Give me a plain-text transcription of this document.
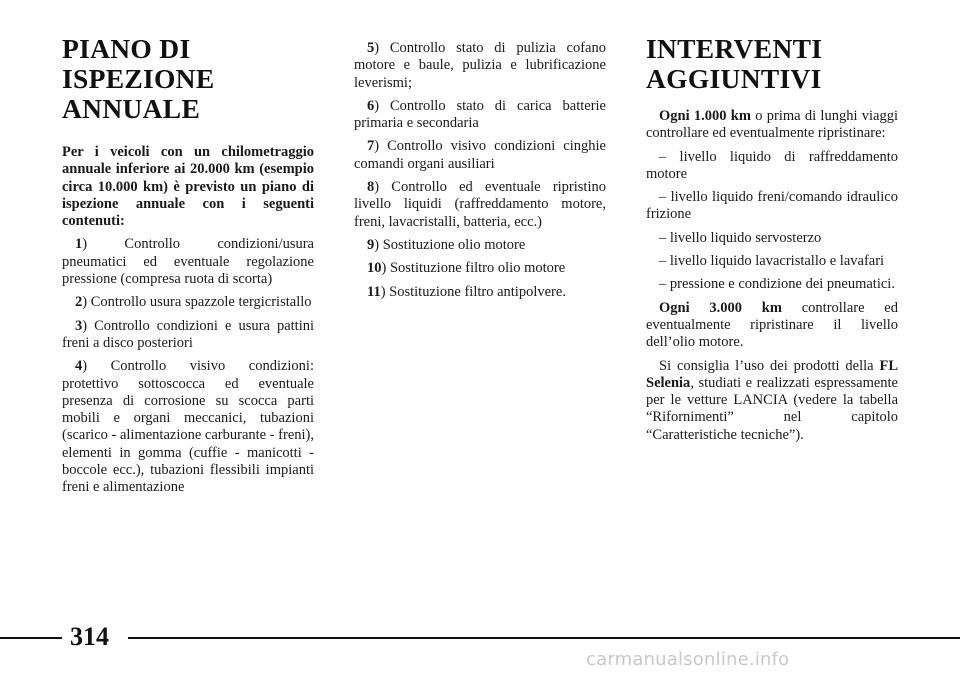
PIANO DI
ISPEZIONE
ANNUALE

Per i veicoli con un chilometraggio annuale inferiore ai 20.000 km (esempio circa 10.000 km) è previsto un piano di ispezione annuale con i seguenti contenuti:

1) Controllo condizioni/usura pneumatici ed eventuale regolazione pressione (compresa ruota di scorta)

2) Controllo usura spazzole tergicristallo

3) Controllo condizioni e usura pattini freni a disco posteriori

4) Controllo visivo condizioni: protettivo sottoscocca ed eventuale presenza di corrosione su scocca parti mobili e organi meccanici, tubazioni (scarico - alimentazione carburante - freni), elementi in gomma (cuffie - manicotti - boccole ecc.), tubazioni flessibili impianti freni e alimentazione

5) Controllo stato di pulizia cofano motore e baule, pulizia e lubrificazione leverismi;

6) Controllo stato di carica batterie primaria e secondaria

7) Controllo visivo condizioni cinghie comandi organi ausiliari

8) Controllo ed eventuale ripristino livello liquidi (raffreddamento motore, freni, lavacristalli, batteria, ecc.)

9) Sostituzione olio motore

10) Sostituzione filtro olio motore

11) Sostituzione filtro antipolvere.

INTERVENTI
AGGIUNTIVI

Ogni 1.000 km o prima di lunghi viaggi controllare ed eventualmente ripristinare:

– livello liquido di raffreddamento motore

– livello liquido freni/comando idraulico frizione

– livello liquido servosterzo

– livello liquido lavacristallo e lavafari

– pressione e condizione dei pneumatici.

Ogni 3.000 km controllare ed eventualmente ripristinare il livello dell’olio motore.

Si consiglia l’uso dei prodotti della FL Selenia, studiati e realizzati espressamente per le vetture LANCIA (vedere la tabella “Rifornimenti” nel capitolo “Caratteristiche tecniche”).

314
carmanualsonline.info
